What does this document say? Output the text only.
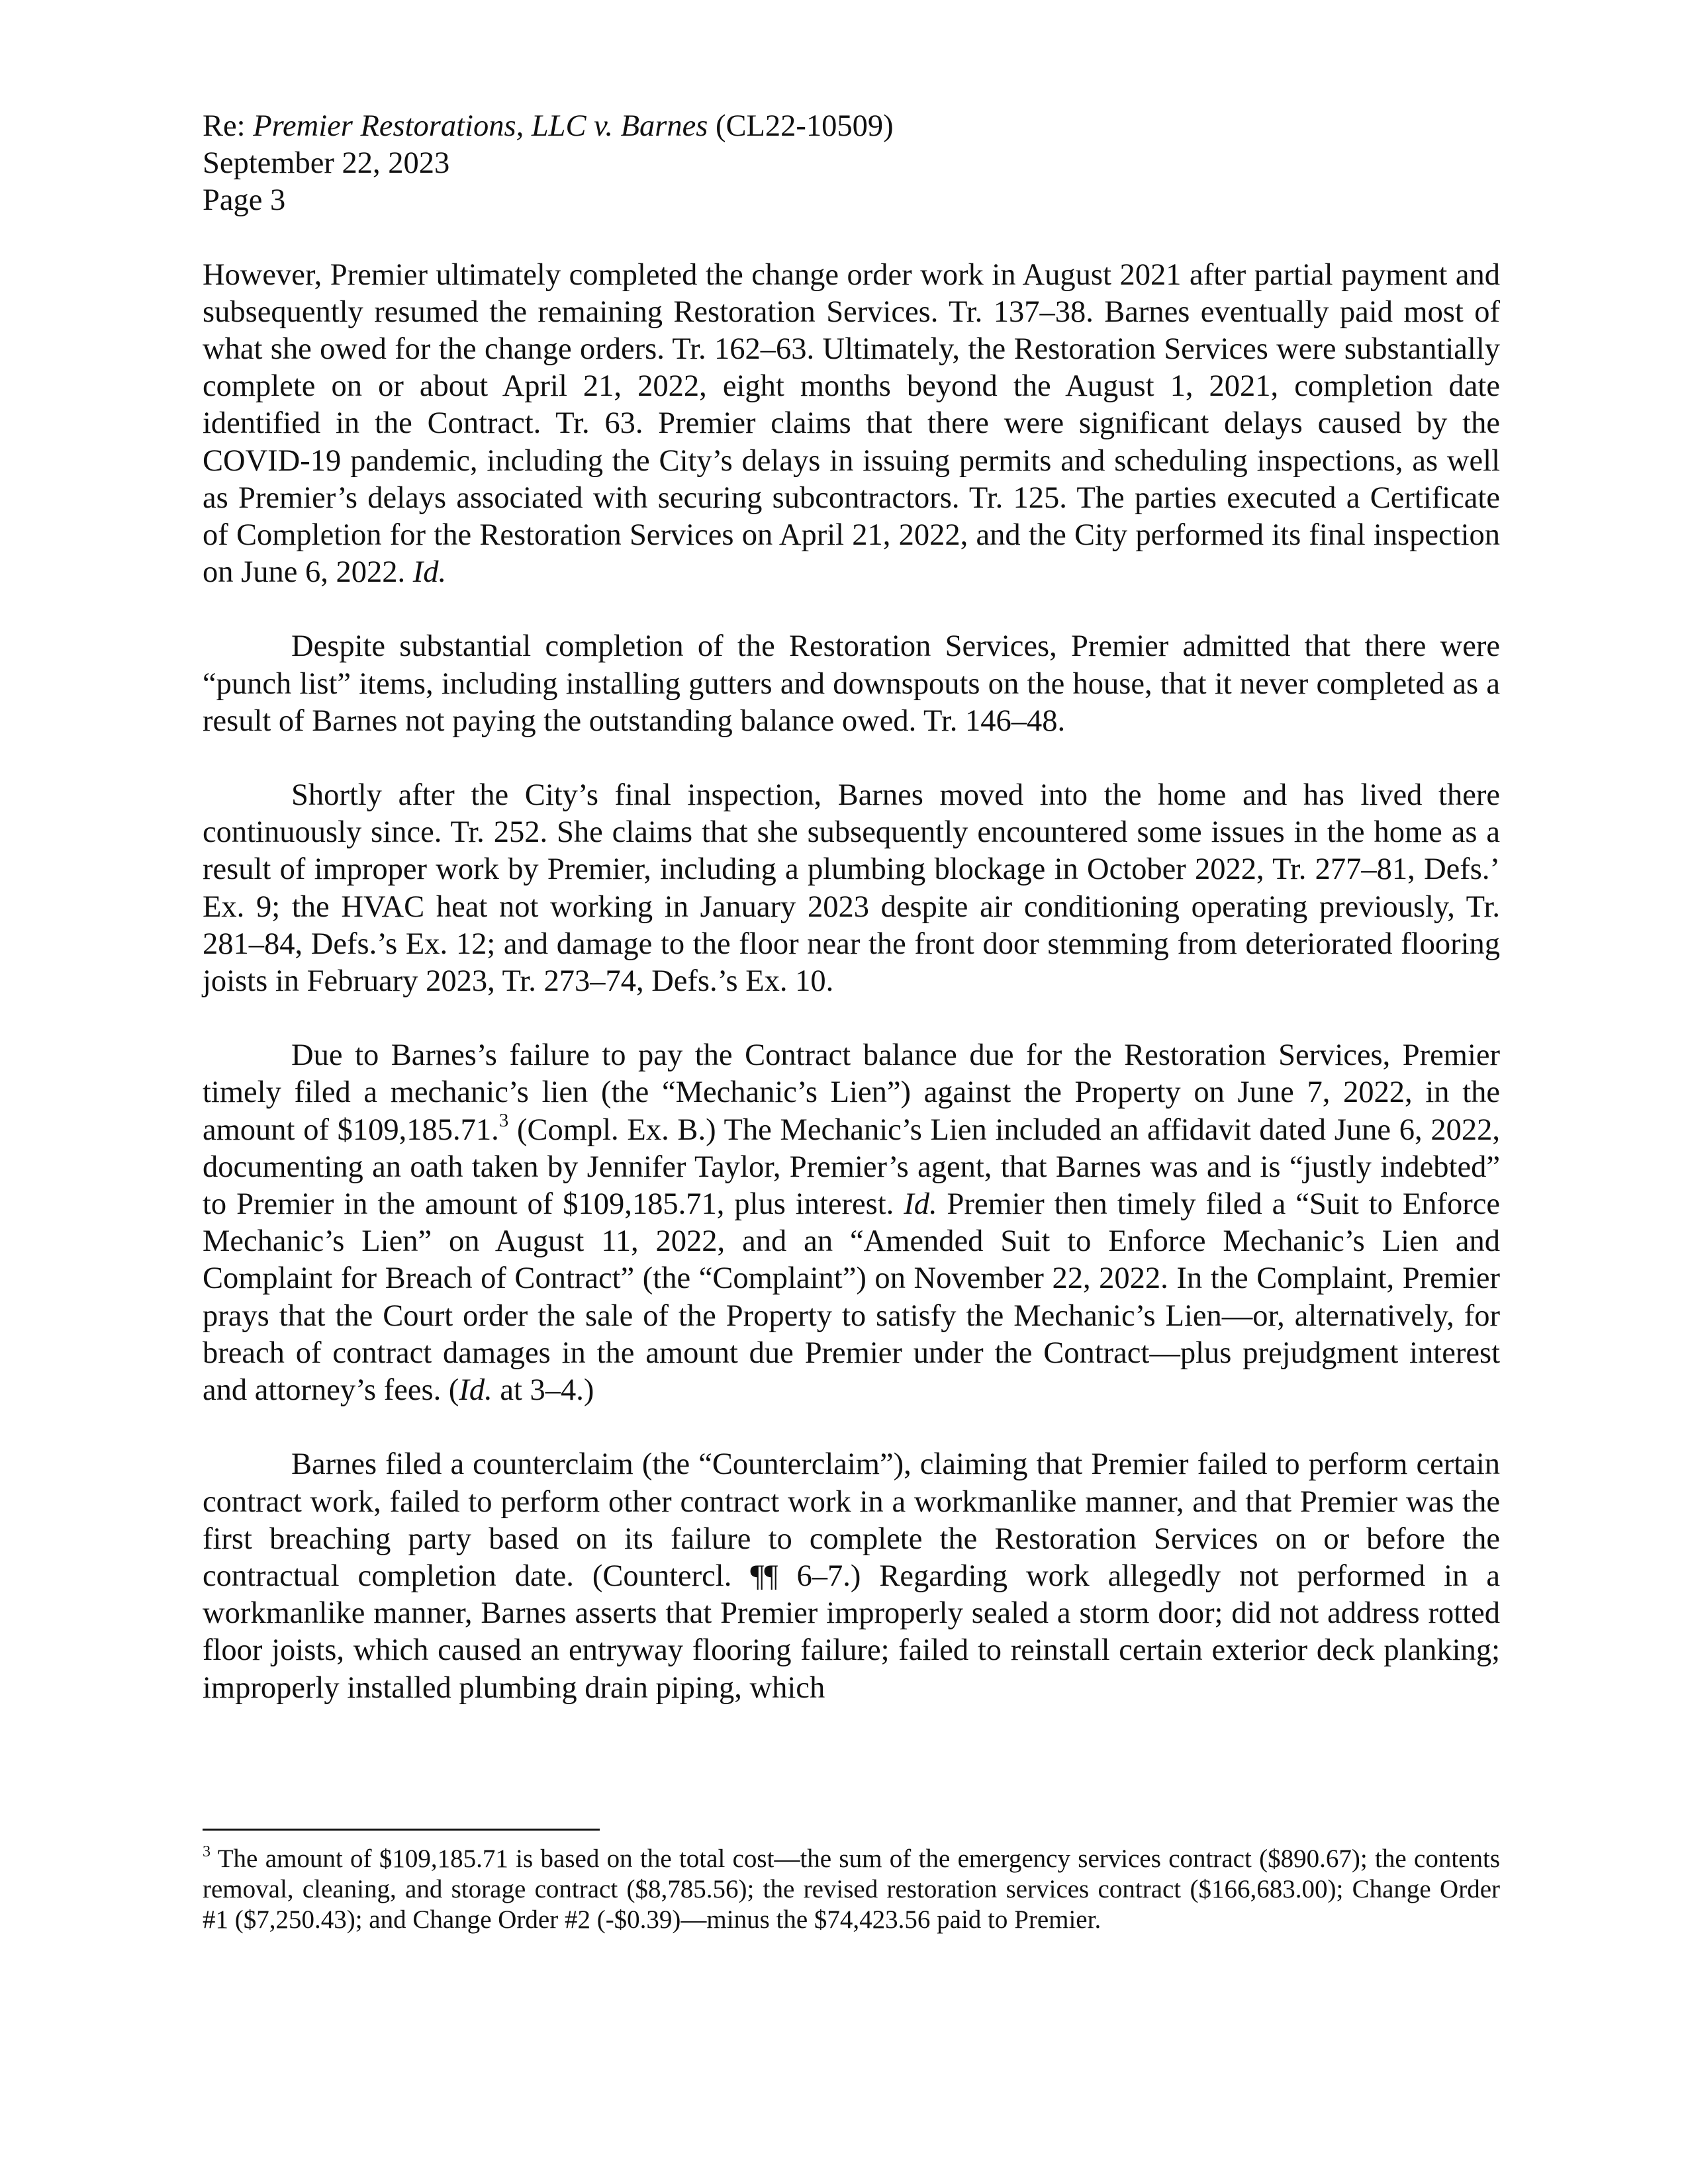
Re: Premier Restorations, LLC v. Barnes (CL22-10509)

September 22, 2023

Page 3

However, Premier ultimately completed the change order work in August 2021 after partial payment and subsequently resumed the remaining Restoration Services. Tr. 137–38. Barnes eventually paid most of what she owed for the change orders. Tr. 162–63. Ultimately, the Restoration Services were substantially complete on or about April 21, 2022, eight months beyond the August 1, 2021, completion date identified in the Contract. Tr. 63. Premier claims that there were significant delays caused by the COVID-19 pandemic, including the City’s delays in issuing permits and scheduling inspections, as well as Premier’s delays associated with securing subcontractors. Tr. 125. The parties executed a Certificate of Completion for the Restoration Services on April 21, 2022, and the City performed its final inspection on June 6, 2022. Id.

Despite substantial completion of the Restoration Services, Premier admitted that there were “punch list” items, including installing gutters and downspouts on the house, that it never completed as a result of Barnes not paying the outstanding balance owed. Tr. 146–48.

Shortly after the City’s final inspection, Barnes moved into the home and has lived there continuously since. Tr. 252. She claims that she subsequently encountered some issues in the home as a result of improper work by Premier, including a plumbing blockage in October 2022, Tr. 277–81, Defs.’ Ex. 9; the HVAC heat not working in January 2023 despite air conditioning operating previously, Tr. 281–84, Defs.’s Ex. 12; and damage to the floor near the front door stemming from deteriorated flooring joists in February 2023, Tr. 273–74, Defs.’s Ex. 10.

Due to Barnes’s failure to pay the Contract balance due for the Restoration Services, Premier timely filed a mechanic’s lien (the “Mechanic’s Lien”) against the Property on June 7, 2022, in the amount of $109,185.71.$^3$ (Compl. Ex. B.) The Mechanic’s Lien included an affidavit dated June 6, 2022, documenting an oath taken by Jennifer Taylor, Premier’s agent, that Barnes was and is “justly indebted” to Premier in the amount of $109,185.71, plus interest. Id. Premier then timely filed a “Suit to Enforce Mechanic’s Lien” on August 11, 2022, and an “Amended Suit to Enforce Mechanic’s Lien and Complaint for Breach of Contract” (the “Complaint”) on November 22, 2022. In the Complaint, Premier prays that the Court order the sale of the Property to satisfy the Mechanic’s Lien—or, alternatively, for breach of contract damages in the amount due Premier under the Contract—plus prejudgment interest and attorney’s fees. (Id. at 3–4.)

Barnes filed a counterclaim (the “Counterclaim”), claiming that Premier failed to perform certain contract work, failed to perform other contract work in a workmanlike manner, and that Premier was the first breaching party based on its failure to complete the Restoration Services on or before the contractual completion date. (Countercl. ¶¶ 6–7.) Regarding work allegedly not performed in a workmanlike manner, Barnes asserts that Premier improperly sealed a storm door; did not address rotted floor joists, which caused an entryway flooring failure; failed to reinstall certain exterior deck planking; improperly installed plumbing drain piping, which

$^3$ The amount of $109,185.71 is based on the total cost—the sum of the emergency services contract ($890.67); the contents removal, cleaning, and storage contract ($8,785.56); the revised restoration services contract ($166,683.00); Change Order #1 ($7,250.43); and Change Order #2 (-$0.39)—minus the $74,423.56 paid to Premier.
